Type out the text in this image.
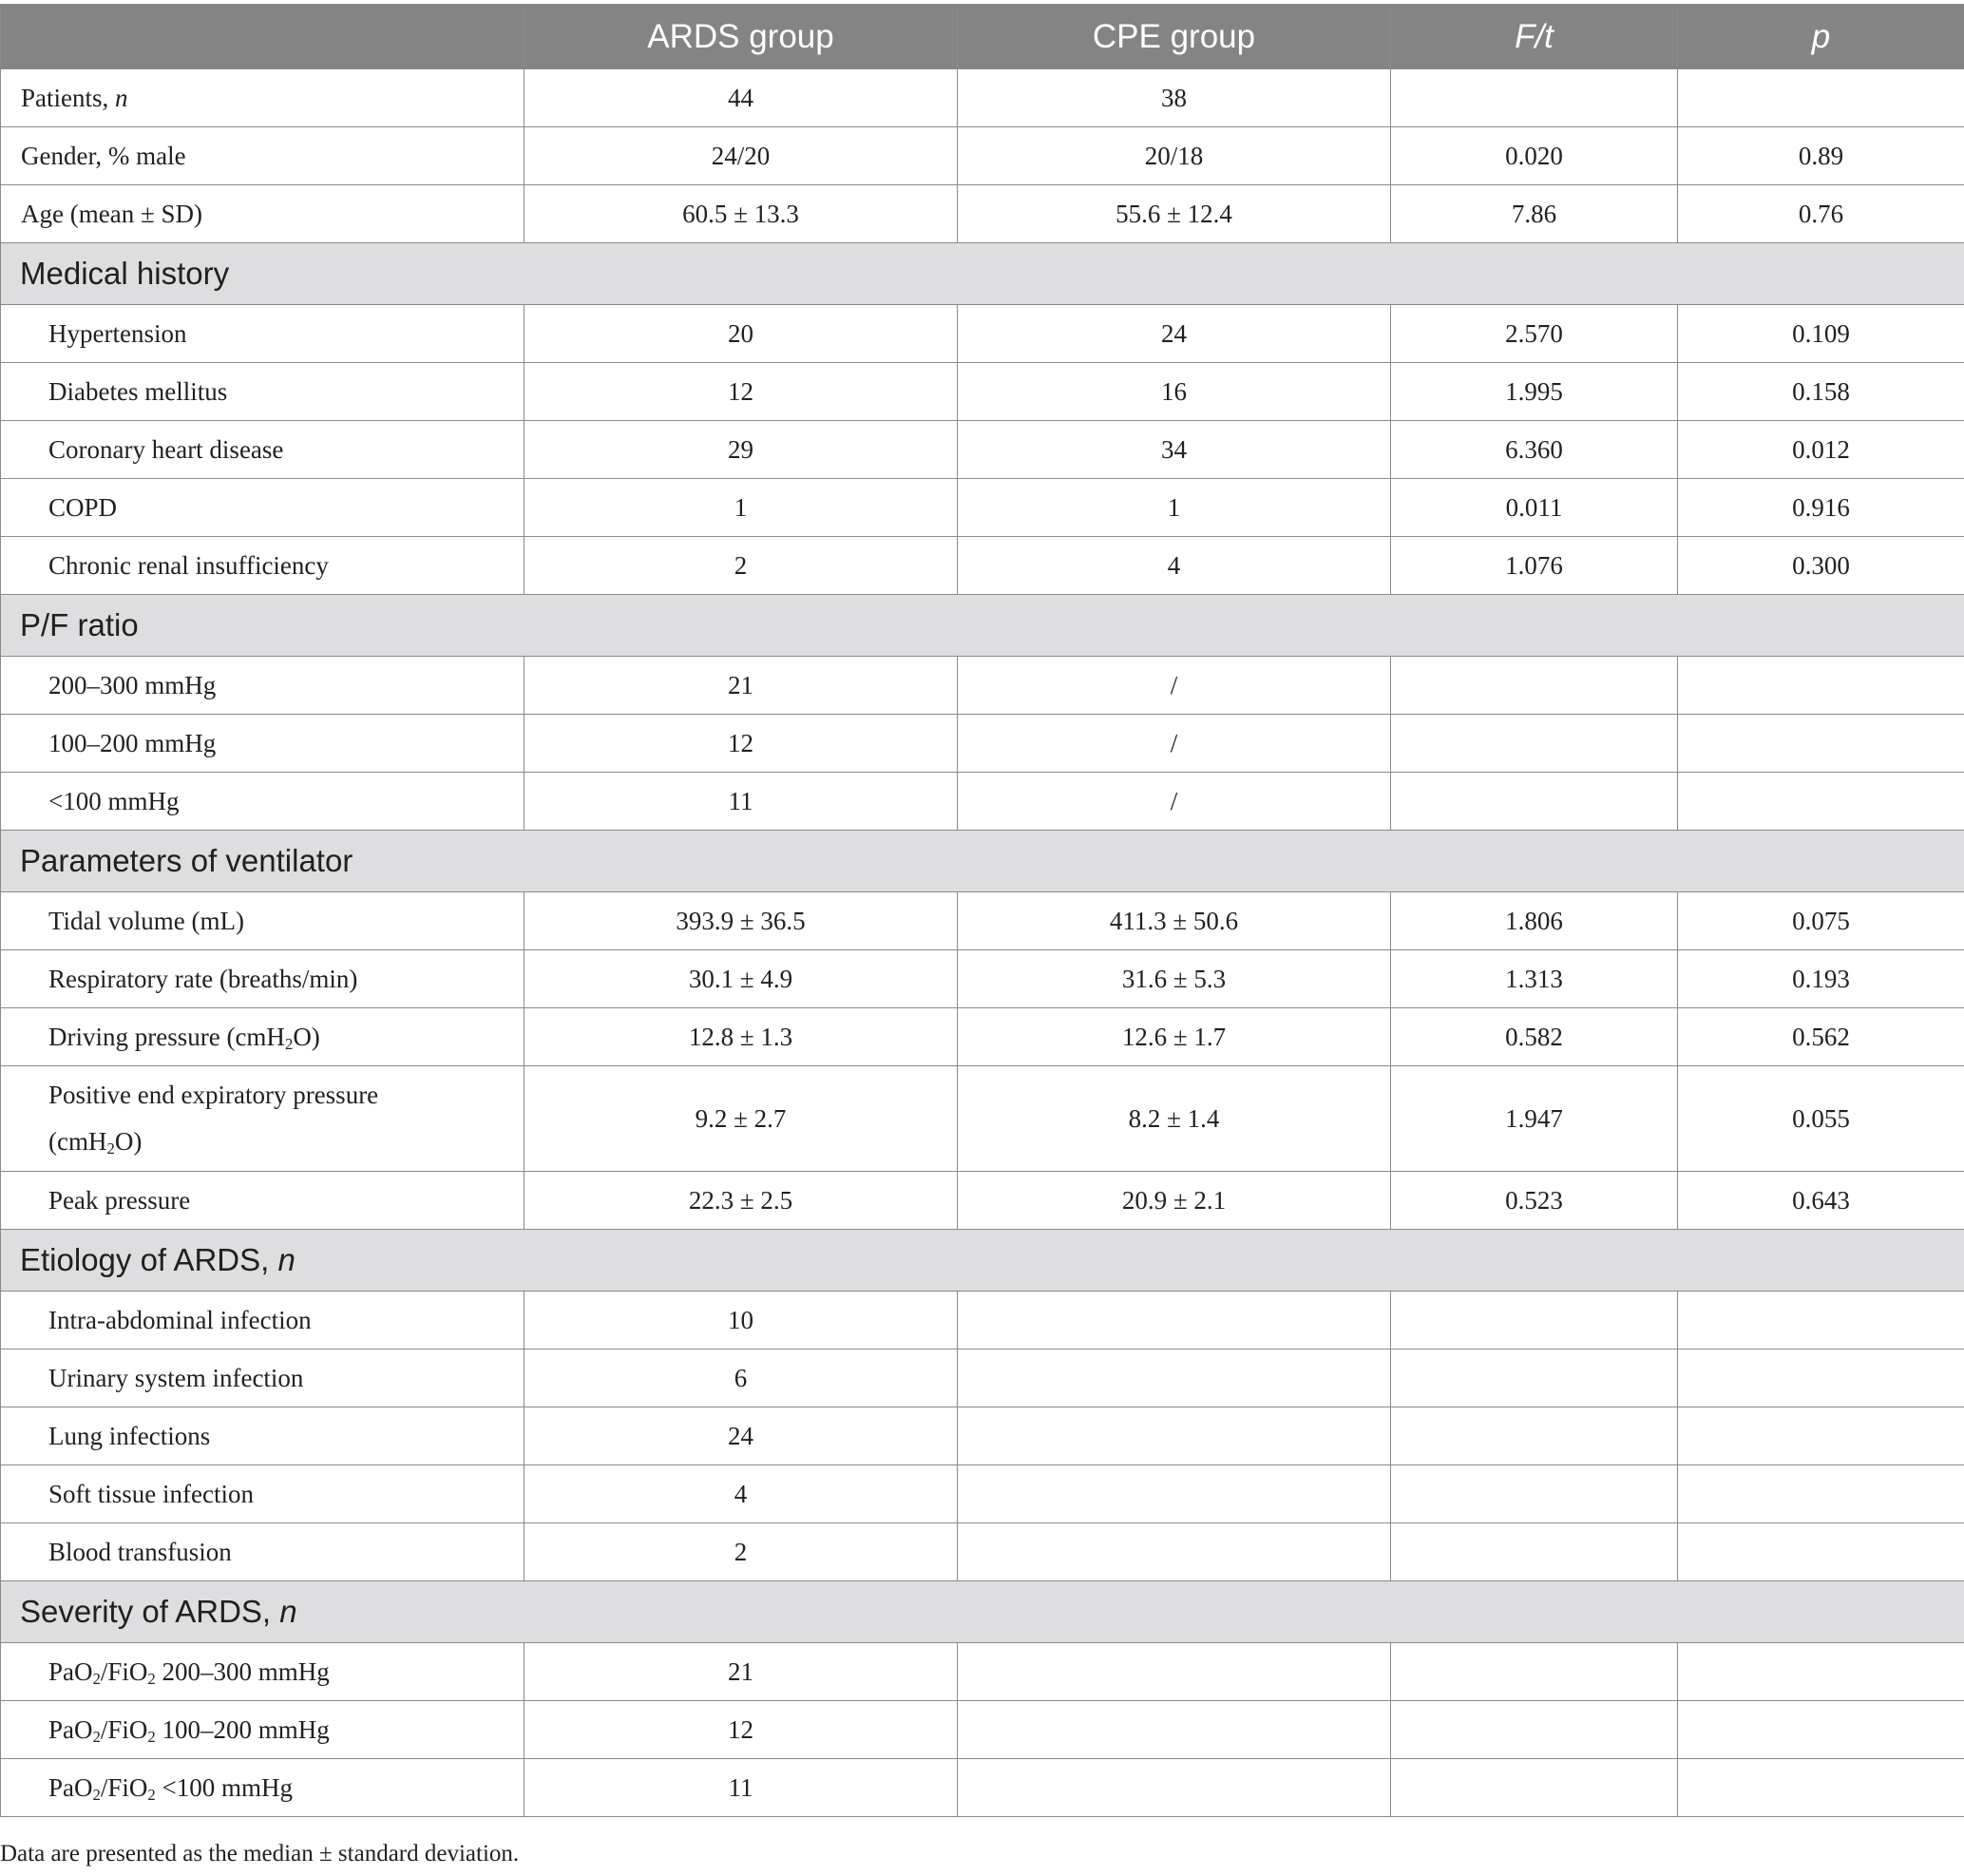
	ARDS group	CPE group	F/t	p
Patients, n	44	38		
Gender, % male	24/20	20/18	0.020	0.89
Age (mean ± SD)	60.5 ± 13.3	55.6 ± 12.4	7.86	0.76
Medical history				
Hypertension	20	24	2.570	0.109
Diabetes mellitus	12	16	1.995	0.158
Coronary heart disease	29	34	6.360	0.012
COPD	1	1	0.011	0.916
Chronic renal insufficiency	2	4	1.076	0.300
P/F ratio				
200–300 mmHg	21	/		
100–200 mmHg	12	/		
<100 mmHg	11	/		
Parameters of ventilator				
Tidal volume (mL)	393.9 ± 36.5	411.3 ± 50.6	1.806	0.075
Respiratory rate (breaths/min)	30.1 ± 4.9	31.6 ± 5.3	1.313	0.193
Driving pressure (cmH$_2$O)	12.8 ± 1.3	12.6 ± 1.7	0.582	0.562
Positive end expiratory pressure
(cmH$_2$O)	9.2 ± 2.7	8.2 ± 1.4	1.947	0.055
Peak pressure	22.3 ± 2.5	20.9 ± 2.1	0.523	0.643
Etiology of ARDS, n				
Intra-abdominal infection	10			
Urinary system infection	6			
Lung infections	24			
Soft tissue infection	4			
Blood transfusion	2			
Severity of ARDS, n				
PaO$_2$/FiO$_2$ 200–300 mmHg	21			
PaO$_2$/FiO$_2$ 100–200 mmHg	12			
PaO$_2$/FiO$_2$ <100 mmHg	11			
Data are presented as the median ± standard deviation.
